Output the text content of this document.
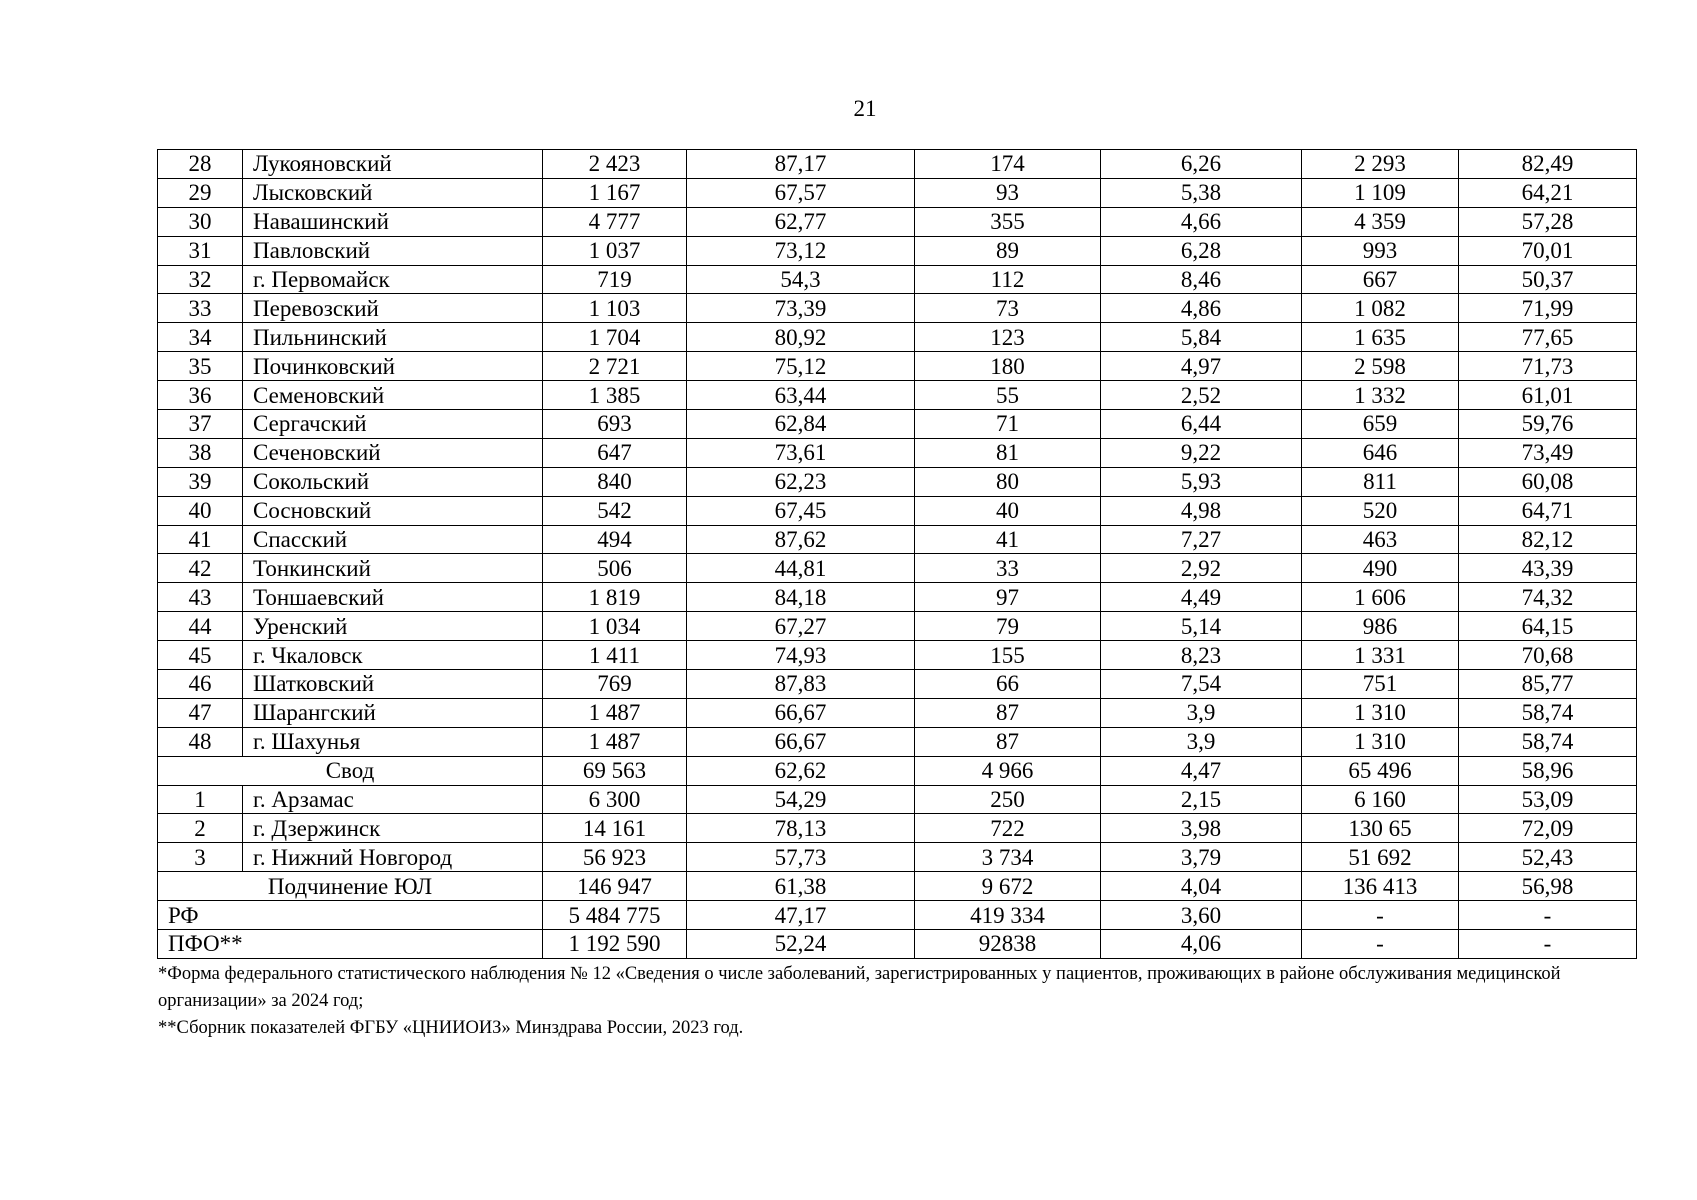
21
28	Лукояновский	2 423	87,17	174	6,26	2 293	82,49
29	Лысковский	1 167	67,57	93	5,38	1 109	64,21
30	Навашинский	4 777	62,77	355	4,66	4 359	57,28
31	Павловский	1 037	73,12	89	6,28	993	70,01
32	г. Первомайск	719	54,3	112	8,46	667	50,37
33	Перевозский	1 103	73,39	73	4,86	1 082	71,99
34	Пильнинский	1 704	80,92	123	5,84	1 635	77,65
35	Починковский	2 721	75,12	180	4,97	2 598	71,73
36	Семеновский	1 385	63,44	55	2,52	1 332	61,01
37	Сергачский	693	62,84	71	6,44	659	59,76
38	Сеченовский	647	73,61	81	9,22	646	73,49
39	Сокольский	840	62,23	80	5,93	811	60,08
40	Сосновский	542	67,45	40	4,98	520	64,71
41	Спасский	494	87,62	41	7,27	463	82,12
42	Тонкинский	506	44,81	33	2,92	490	43,39
43	Тоншаевский	1 819	84,18	97	4,49	1 606	74,32
44	Уренский	1 034	67,27	79	5,14	986	64,15
45	г. Чкаловск	1 411	74,93	155	8,23	1 331	70,68
46	Шатковский	769	87,83	66	7,54	751	85,77
47	Шарангский	1 487	66,67	87	3,9	1 310	58,74
48	г. Шахунья	1 487	66,67	87	3,9	1 310	58,74
Свод		69 563	62,62	4 966	4,47	65 496	58,96
1	г. Арзамас	6 300	54,29	250	2,15	6 160	53,09
2	г. Дзержинск	14 161	78,13	722	3,98	130 65	72,09
3	г. Нижний Новгород	56 923	57,73	3 734	3,79	51 692	52,43
Подчинение ЮЛ		146 947	61,38	9 672	4,04	136 413	56,98
РФ		5 484 775	47,17	419 334	3,60	-	-
ПФО**		1 192 590	52,24	92838	4,06	-	-

*Форма федерального статистического наблюдения № 12 «Сведения о числе заболеваний, зарегистрированных у пациентов, проживающих в районе обслуживания медицинской организации» за 2024 год;

**Сборник показателей ФГБУ «ЦНИИОИЗ» Минздрава России, 2023 год.
